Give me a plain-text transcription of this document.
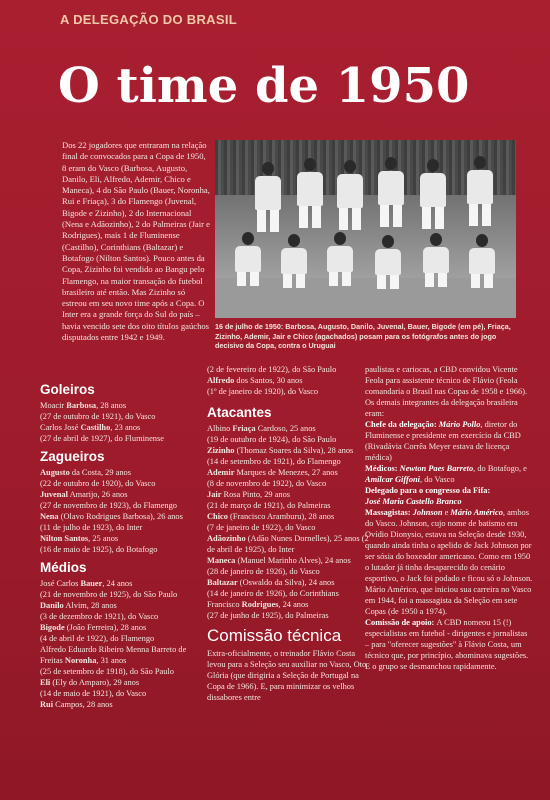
A DELEGAÇÃO DO BRASIL
O time de 1950

Dos 22 jogadores que entraram na relação final de convocados para a Copa de 1950, 8 eram do Vasco (Barbosa, Augusto, Danilo, Eli, Alfredo, Ademir, Chico e Maneca), 4 do São Paulo (Bauer, Noronha, Rui e Friaça), 3 do Flamengo (Juvenal, Bigode e Zizinho), 2 do Internacional (Nena e Adãozinho), 2 do Palmeiras (Jair e Rodrigues), mais 1 de Fluminense (Castilho), Corinthians (Baltazar) e Botafogo (Nilton Santos). Pouco antes da Copa, Zizinho foi vendido ao Bangu pelo Flamengo, na maior transação do futebol brasileiro até então. Mas Zizinho só estreou em seu novo time após a Copa. O Inter era a grande força do Sul do país – havia vencido sete dos oito títulos gaúchos disputados entre 1942 e 1949.

16 de julho de 1950: Barbosa, Augusto, Danilo, Juvenal, Bauer, Bigode (em pé), Friaça, Zizinho, Ademir, Jair e Chico (agachados) posam para os fotógrafos antes do jogo decisivo da Copa, contra o Uruguai

Goleiros

Moacir Barbosa, 28 anos
(27 de outubro de 1921), do Vasco

Carlos José Castilho, 23 anos
(27 de abril de 1927), do Fluminense

Zagueiros

Augusto da Costa, 29 anos
(22 de outubro de 1920), do Vasco

Juvenal Amarijo, 26 anos
(27 de novembro de 1923), do Flamengo

Nena (Olavo Rodrigues Barbosa), 26 anos
(11 de julho de 1923), do Inter

Nilton Santos, 25 anos
(16 de maio de 1925), do Botafogo

Médios

José Carlos Bauer, 24 anos
(21 de novembro de 1925), do São Paulo

Danilo Alvim, 28 anos
(3 de dezembro de 1921), do Vasco

Bigode (João Ferreira), 28 anos
(4 de abril de 1922), do Flamengo

Alfredo Eduardo Ribeiro Menna Barreto de Freitas Noronha, 31 anos
(25 de setembro de 1918), do São Paulo

Eli (Ely do Amparo), 29 anos
(14 de maio de 1921), do Vasco

Rui Campos, 28 anos

(2 de fevereiro de 1922), do São Paulo

Alfredo dos Santos, 30 anos
(1º de janeiro de 1920), do Vasco

Atacantes

Albino Friaça Cardoso, 25 anos
(19 de outubro de 1924), do São Paulo

Zizinho (Thomaz Soares da Silva), 28 anos
(14 de setembro de 1921), do Flamengo

Ademir Marques de Menezes, 27 anos
(8 de novembro de 1922), do Vasco

Jair Rosa Pinto, 29 anos
(21 de março de 1921), do Palmeiras

Chico (Francisco Aramburu), 28 anos
(7 de janeiro de 1922), do Vasco

Adãozinho (Adão Nunes Dornelles), 25 anos (2 de abril de 1925), do Inter

Maneca (Manuel Marinho Alves), 24 anos
(28 de janeiro de 1926), do Vasco

Baltazar (Oswaldo da Silva), 24 anos
(14 de janeiro de 1926), do Corinthians

Francisco Rodrigues, 24 anos
(27 de junho de 1925), do Palmeiras

Comissão técnica

Extra-oficialmente, o treinador Flávio Costa levou para a Seleção seu auxiliar no Vasco, Oto Glória (que dirigiria a Seleção de Portugal na Copa de 1966). E, para minimizar os velhos dissabores entre

paulistas e cariocas, a CBD convidou Vicente Feola para assistente técnico de Flávio (Feola comandaria o Brasil nas Copas de 1958 e 1966). Os demais integrantes da delegação brasileira eram:

Chefe da delegação: Mário Pollo, diretor do Fluminense e presidente em exercício da CBD (Rivadávia Corrêa Meyer estava de licença médica)

Médicos: Newton Paes Barreto, do Botafogo, e Amílcar Giffoni, do Vasco

Delegado para o congresso da Fifa:
José Maria Castello Branco

Massagistas: Johnson e Mário Américo, ambos do Vasco. Johnson, cujo nome de batismo era Ovídio Dionysio, estava na Seleção desde 1930, quando ainda tinha o apelido de Jack Johnson por ser sósia do boxeador americano. Como em 1950 o lutador já tinha desaparecido do cenário esportivo, o Jack foi podado e ficou só o Johnson. Mário Américo, que iniciou sua carreira no Vasco em 1944, foi a massagista da Seleção em sete Copas (de 1950 a 1974).

Comissão de apoio: A CBD nomeou 15 (!) especialistas em futebol - dirigentes e jornalistas – para "oferecer sugestões" à Flávio Costa, um técnico que, por princípio, abominava sugestões. E o grupo se desmanchou rapidamente.
